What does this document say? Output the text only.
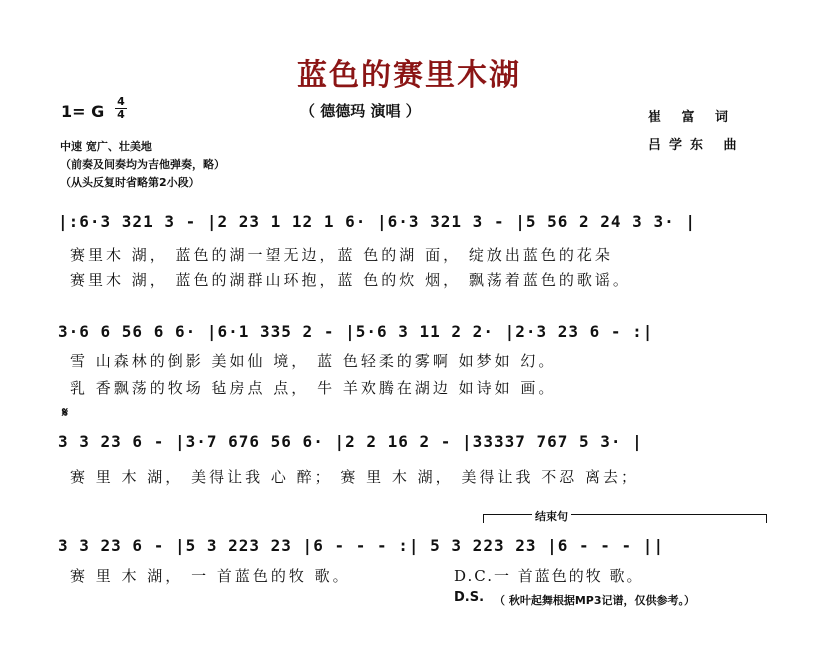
蓝色的赛里木湖
（ 德德玛 演唱 ）
1= G
4
4	崔 富 词
吕学东 曲
中速 宽广、壮美地
（前奏及间奏均为吉他弹奏，略）
（从头反复时省略第2小段）
|:6·3 321 3 - |2 23 1 12 1 6· |6·3 321 3 - |5 56 2 24 3 3· |
赛里木 湖， 蓝色的湖一望无边，蓝 色的湖 面， 绽放出蓝色的花朵
赛里木 湖， 蓝色的湖群山环抱，蓝 色的炊 烟， 飘荡着蓝色的歌谣。
3·6 6 56 6 6· |6·1 335 2 - |5·6 3 11 2 2· |2·3 23 6 - :|
雪 山森林的倒影 美如仙 境， 蓝 色轻柔的雾啊 如梦如 幻。
乳 香飘荡的牧场 毡房点 点， 牛 羊欢腾在湖边 如诗如 画。
𝄋
3 3 23 6 - |3·7 676 56 6· |2 2 16 2 - |33337 767 5 3· |
赛 里 木 湖， 美得让我 心 醉； 赛 里 木 湖， 美得让我 不忍 离去；
结束句
3 3 23 6 - |5 3 223 23 |6 - - - :| 5 3 223 23 |6 - - - ||
赛 里 木 湖， 一 首蓝色的牧 歌。	D.C.一 首蓝色的牧 歌。
D.S. （ 秋叶起舞根据MP3记谱，仅供参考。）
